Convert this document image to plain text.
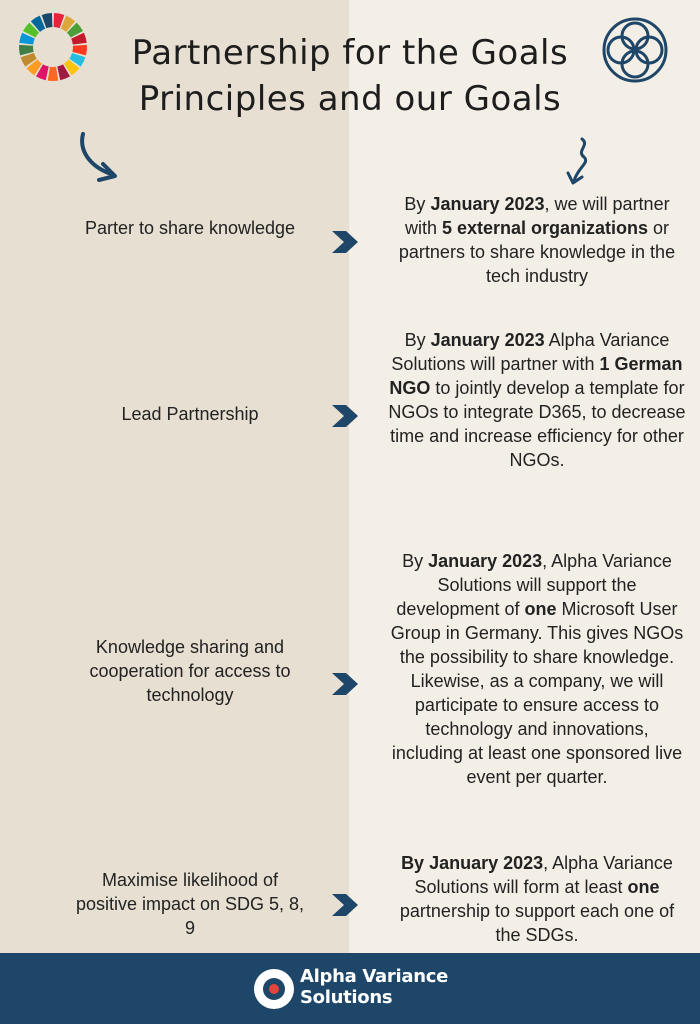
Partnership for the Goals
Principles and our Goals
Parter to share knowledge
By January 2023, we will partner with 5 external organizations or partners to share knowledge in the tech industry
Lead Partnership
By January 2023 Alpha Variance Solutions will partner with 1 German NGO to jointly develop a template for NGOs to integrate D365, to decrease time and increase efficiency for other NGOs.
Knowledge sharing and cooperation for access to technology
By January 2023, Alpha Variance Solutions will support the development of one Microsoft User Group in Germany. This gives NGOs the possibility to share knowledge. Likewise, as a company, we will participate to ensure access to technology and innovations, including at least one sponsored live event per quarter.
Maximise likelihood of positive impact on SDG 5, 8, 9
By January 2023, Alpha Variance Solutions will form at least one partnership to support each one of the SDGs.
Alpha Variance
Solutions
